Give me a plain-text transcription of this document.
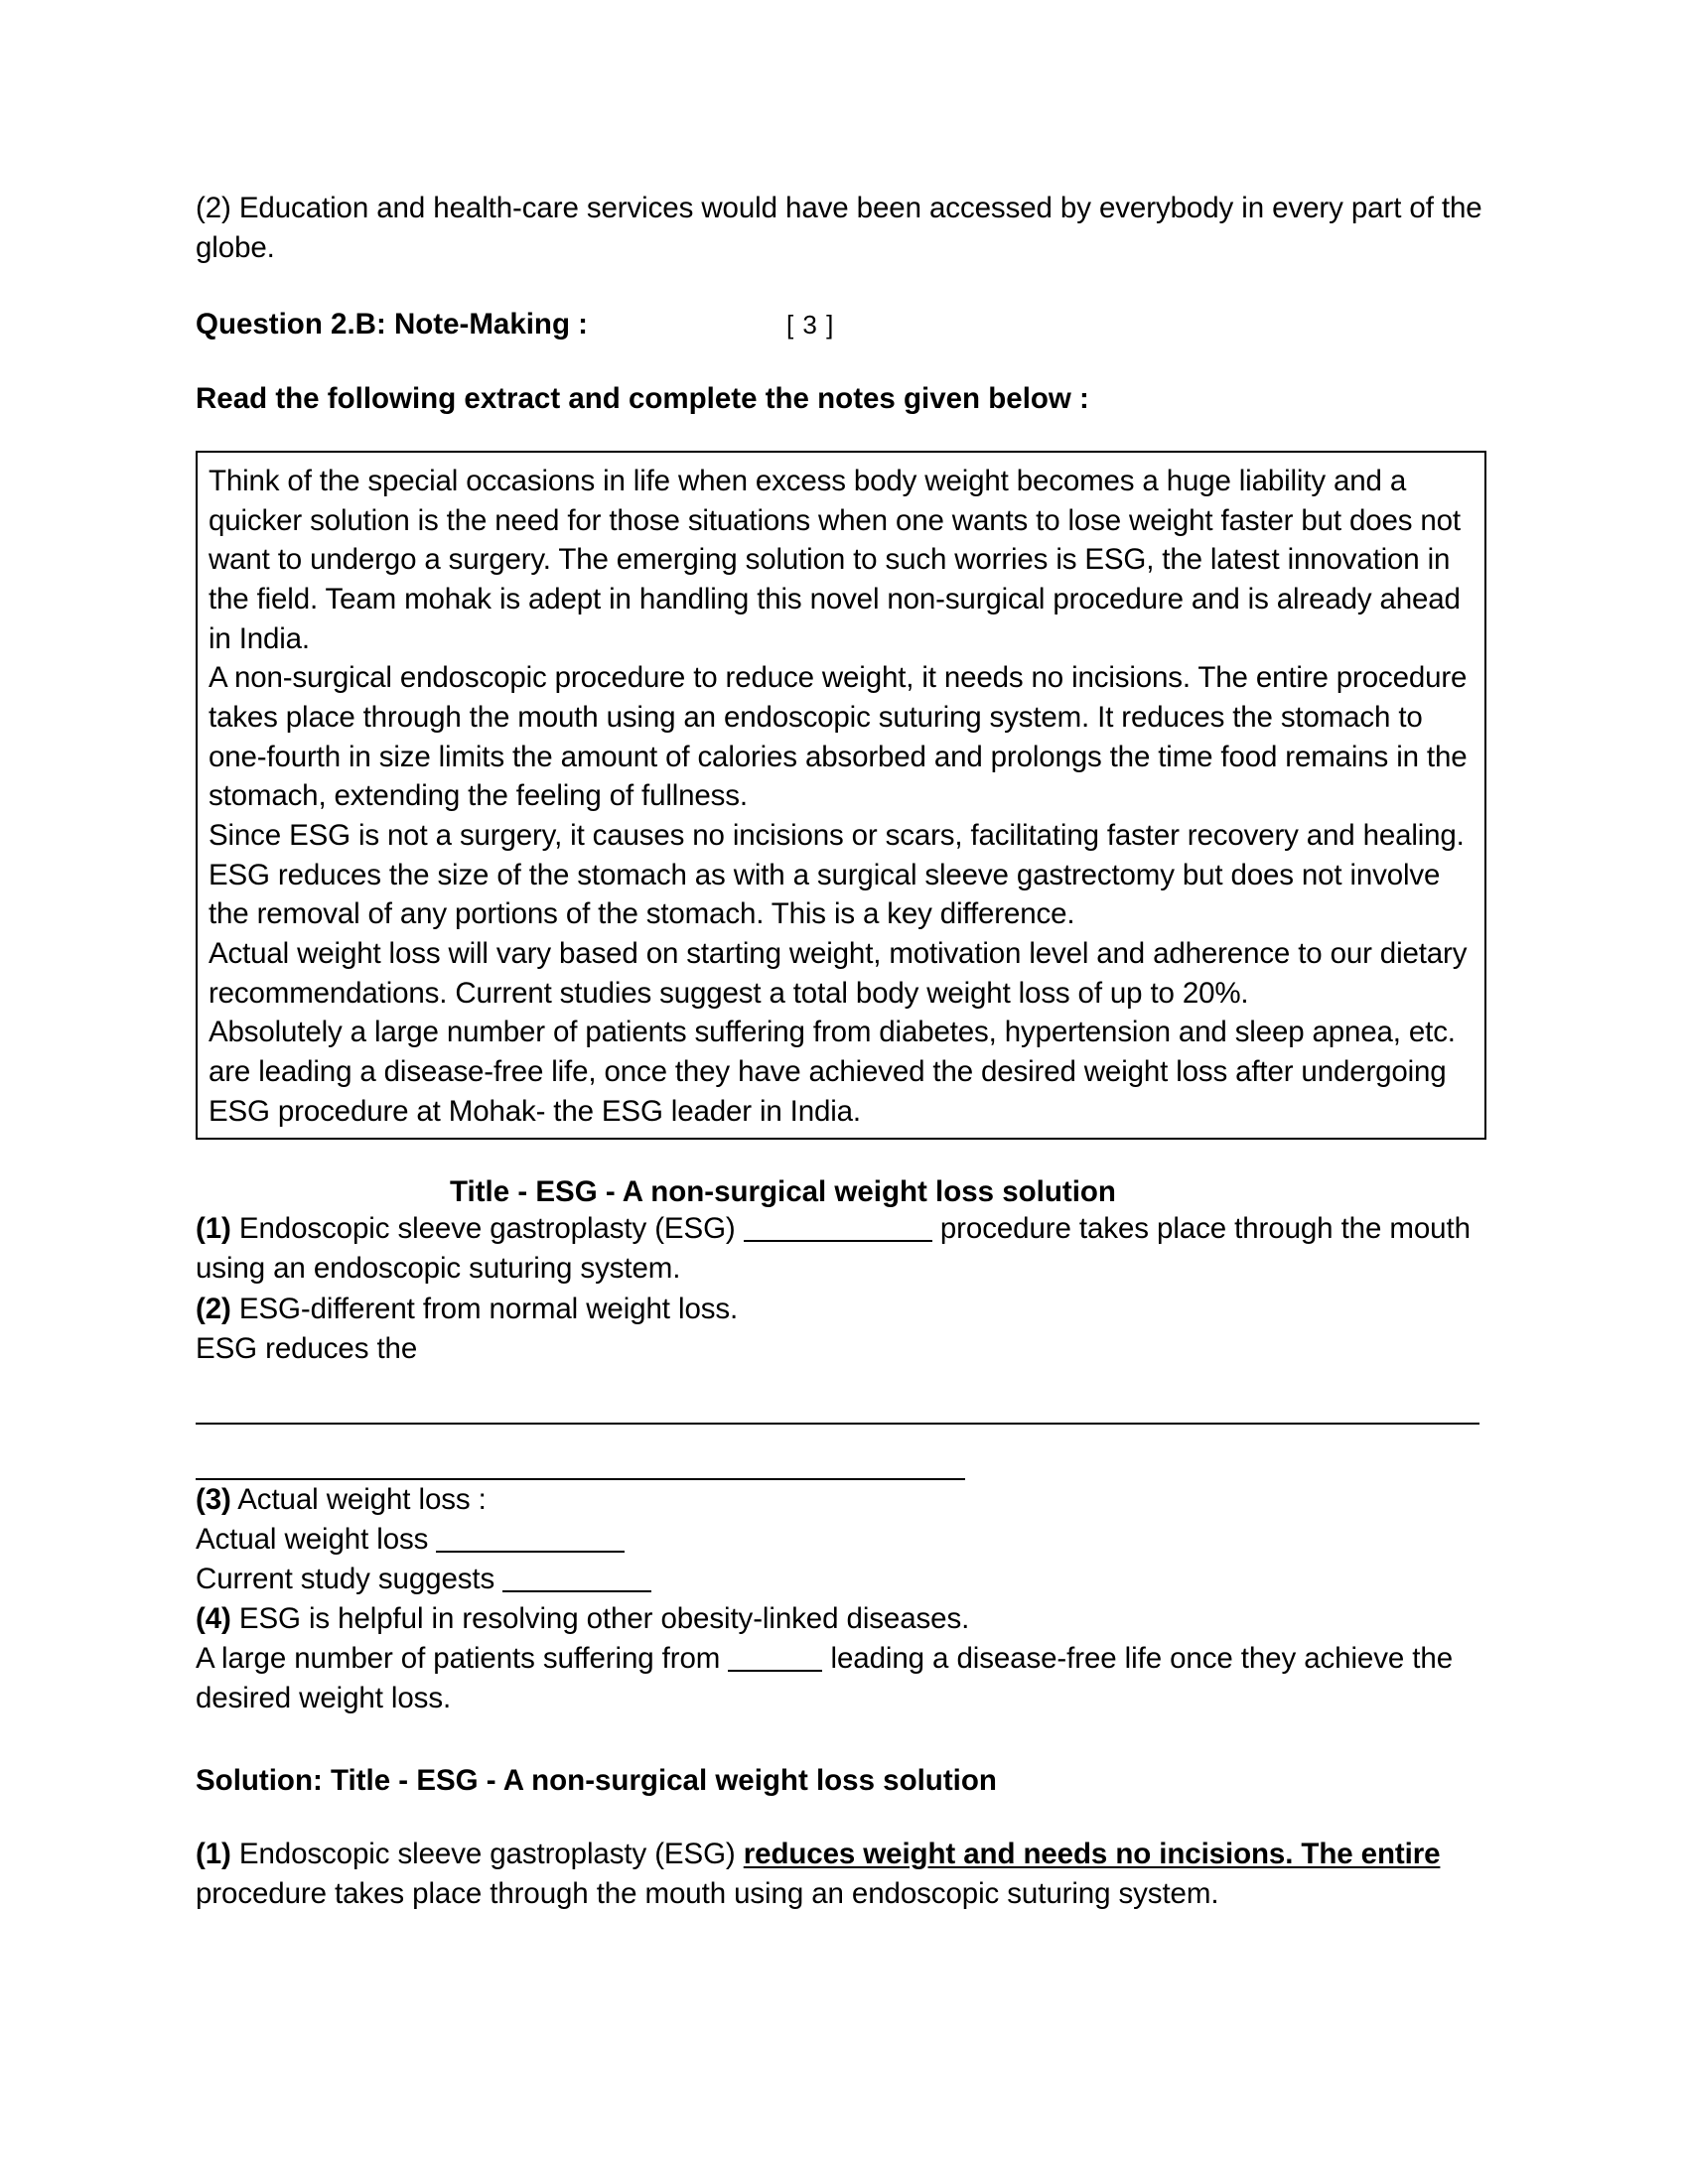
(2) Education and health-care services would have been accessed by everybody in every part of the globe.

Question 2.B: Note-Making :	[ 3 ]
Read the following extract and complete the notes given below :

Think of the special occasions in life when excess body weight becomes a huge liability and a quicker solution is the need for those situations when one wants to lose weight faster but does not want to undergo a surgery. The emerging solution to such worries is ESG, the latest innovation in the field. Team mohak is adept in handling this novel non-surgical procedure and is already ahead in India.

A non-surgical endoscopic procedure to reduce weight, it needs no incisions. The entire procedure takes place through the mouth using an endoscopic suturing system. It reduces the stomach to one-fourth in size limits the amount of calories absorbed and prolongs the time food remains in the stomach, extending the feeling of fullness.

Since ESG is not a surgery, it causes no incisions or scars, facilitating faster recovery and healing. ESG reduces the size of the stomach as with a surgical sleeve gastrectomy but does not involve the removal of any portions of the stomach. This is a key difference.

Actual weight loss will vary based on starting weight, motivation level and adherence to our dietary recommendations. Current studies suggest a total body weight loss of up to 20%.

Absolutely a large number of patients suffering from diabetes, hypertension and sleep apnea, etc. are leading a disease-free life, once they have achieved the desired weight loss after undergoing ESG procedure at Mohak- the ESG leader in India.

Title - ESG - A non-surgical weight loss solution

(1) Endoscopic sleeve gastroplasty (ESG)	procedure takes place through the mouth using an endoscopic suturing system.

(2) ESG-different from normal weight loss.

ESG reduces the

(3) Actual weight loss :

Actual weight loss

Current study suggests

(4) ESG is helpful in resolving other obesity-linked diseases.

A large number of patients suffering from	leading a disease-free life once they achieve the desired weight loss.

Solution: Title - ESG - A non-surgical weight loss solution

(1) Endoscopic sleeve gastroplasty (ESG) reduces weight and needs no incisions. The entire procedure takes place through the mouth using an endoscopic suturing system.
